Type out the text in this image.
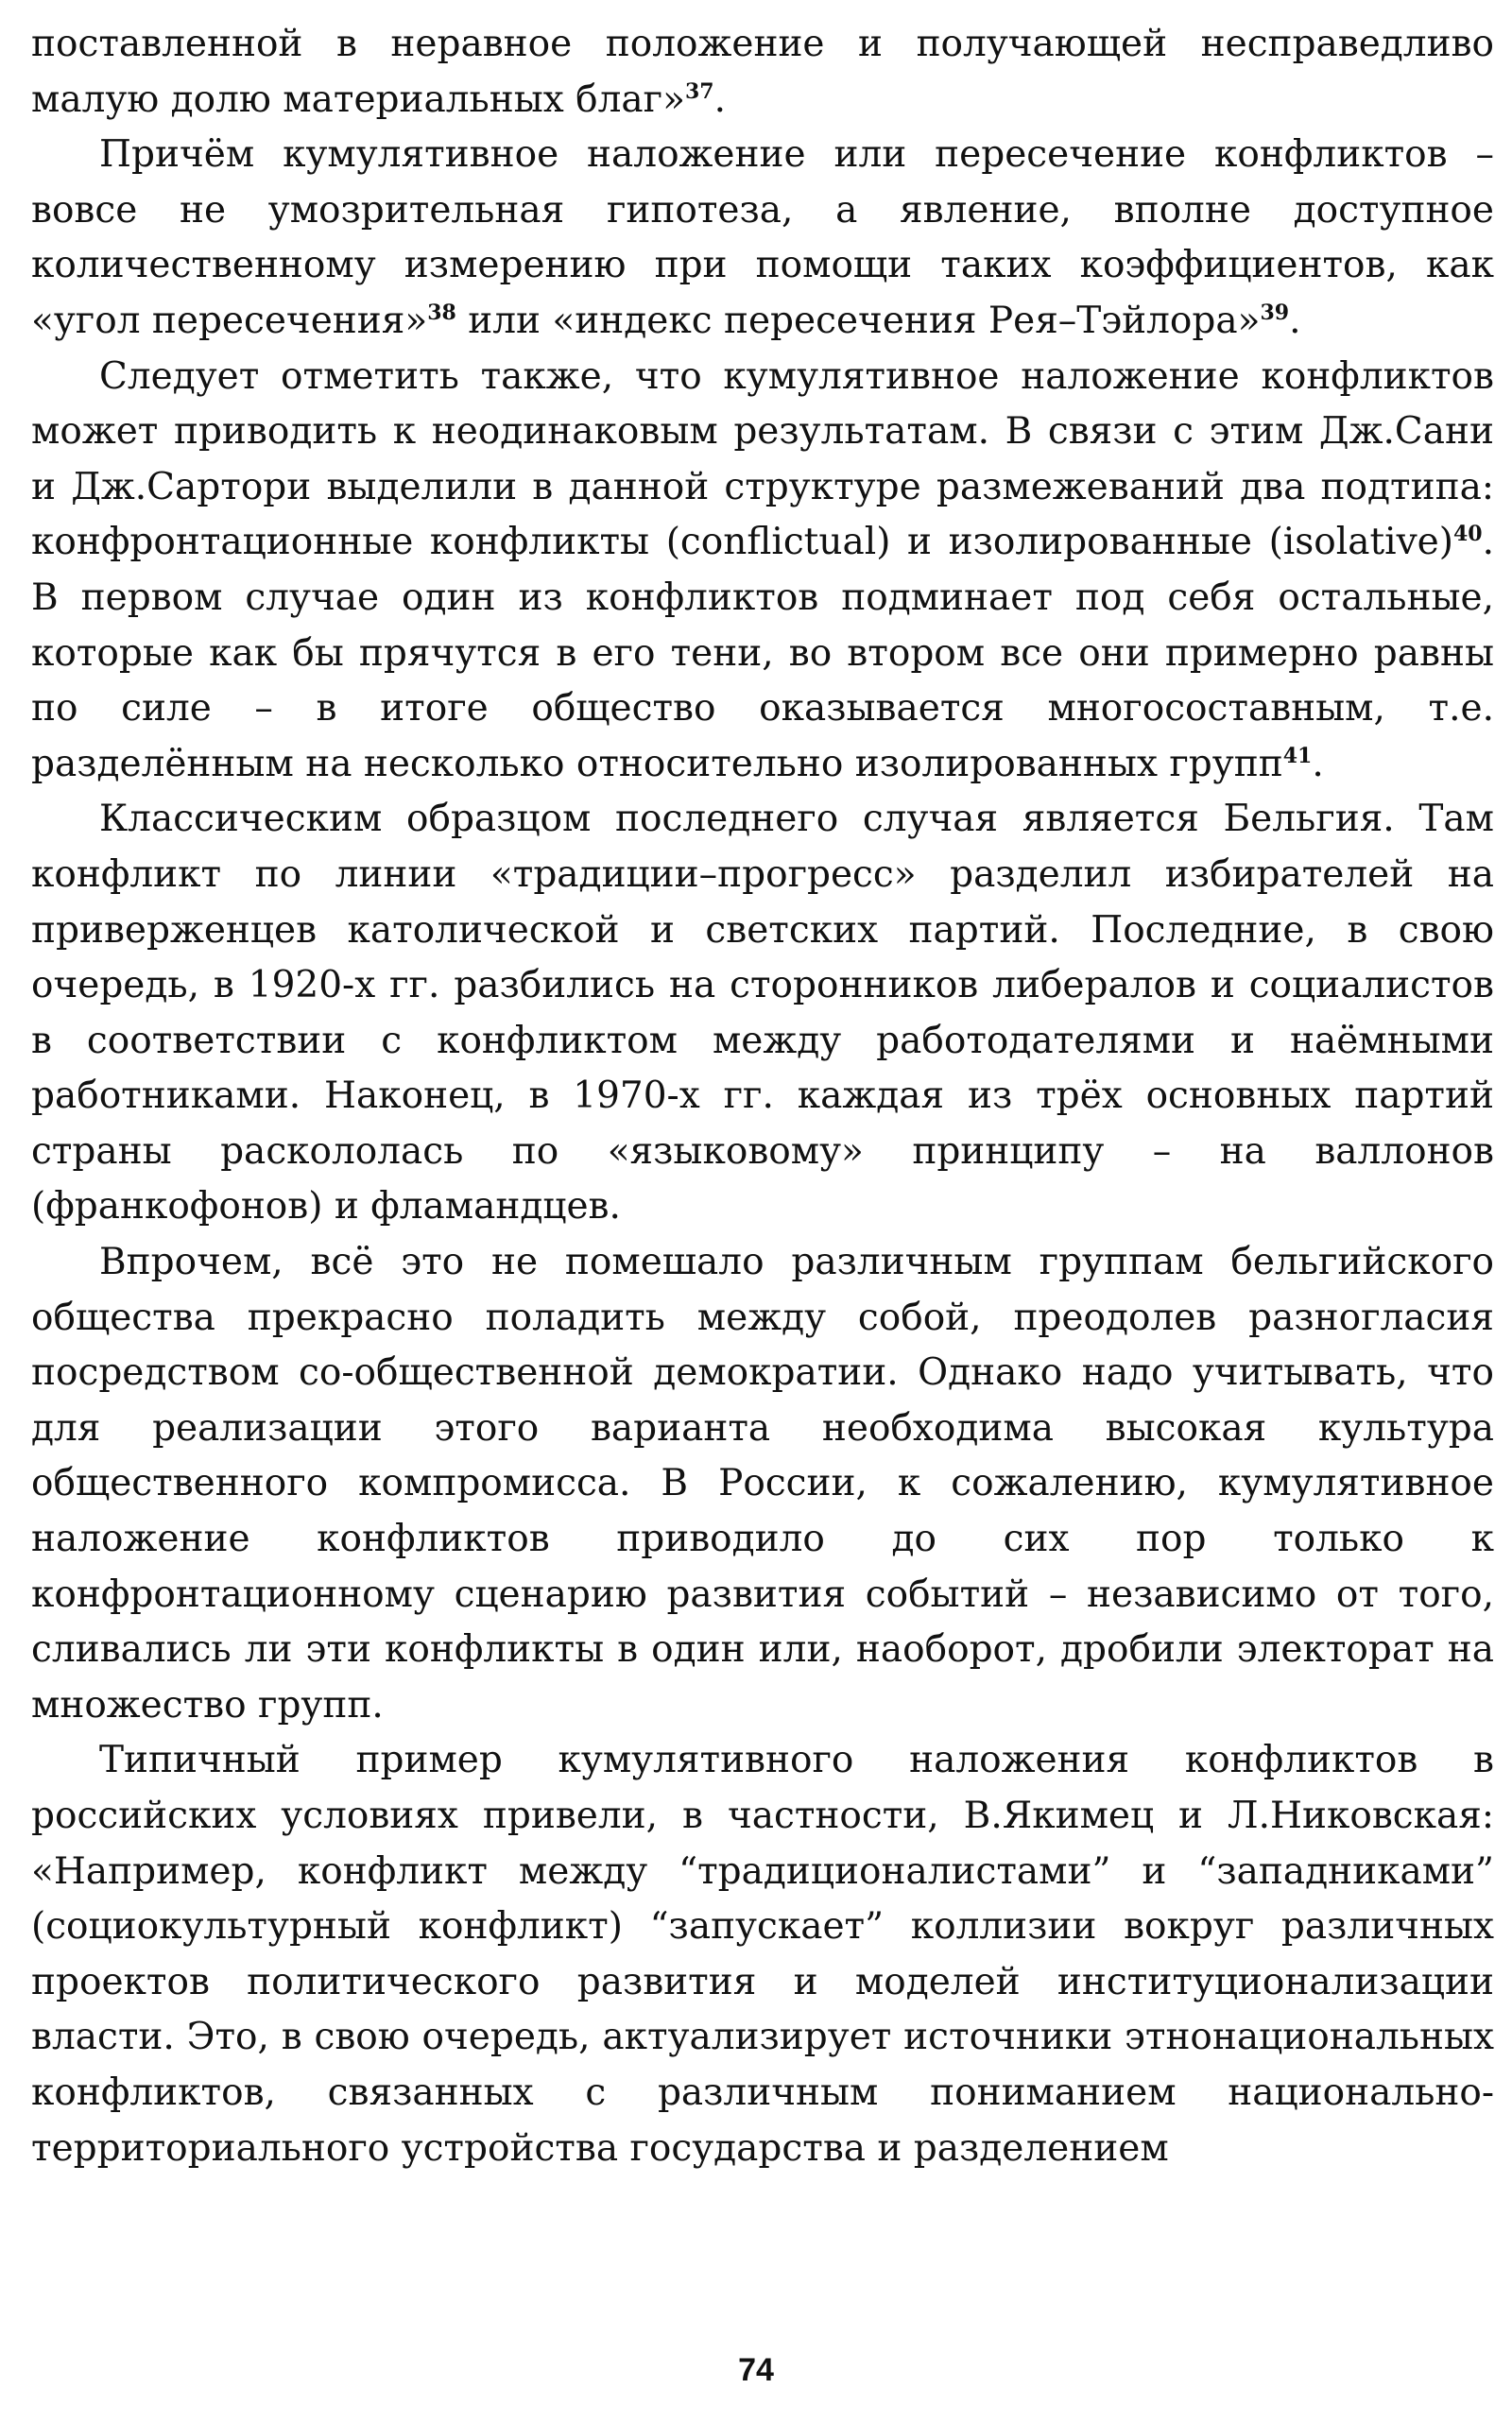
поставленной в неравное положение и получающей несправедливо малую долю материальных благ»$^{37}$.

Причём кумулятивное наложение или пересечение конфликтов – вовсе не умозрительная гипотеза, а явление, вполне доступное количественному измерению при помощи таких коэффициентов, как «угол пересечения»$^{38}$ или «индекс пересечения Рея–Тэйлора»$^{39}$.

Следует отметить также, что кумулятивное наложение конфликтов может приводить к неодинаковым результатам. В связи с этим Дж.Сани и Дж.Сартори выделили в данной структуре размежеваний два подтипа: конфронтационные конфликты (conflictual) и изолированные (isolative)$^{40}$. В первом случае один из конфликтов подминает под себя остальные, которые как бы прячутся в его тени, во втором все они примерно равны по силе – в итоге общество оказывается многосоставным, т.е. разделённым на несколько относительно изолированных групп$^{41}$.

Классическим образцом последнего случая является Бельгия. Там конфликт по линии «традиции–прогресс» разделил избирателей на приверженцев католической и светских партий. Последние, в свою очередь, в 1920-х гг. разбились на сторонников либералов и социалистов в соответствии с конфликтом между работодателями и наёмными работниками. Наконец, в 1970-х гг. каждая из трёх основных партий страны раскололась по «языковому» принципу – на валлонов (франкофонов) и фламандцев.

Впрочем, всё это не помешало различным группам бельгийского общества прекрасно поладить между собой, преодолев разногласия посредством со-общественной демократии. Однако надо учитывать, что для реализации этого варианта необходима высокая культура общественного компромисса. В России, к сожалению, кумулятивное наложение конфликтов приводило до сих пор только к конфронтационному сценарию развития событий – независимо от того, сливались ли эти конфликты в один или, наоборот, дробили электорат на множество групп.

Типичный пример кумулятивного наложения конфликтов в российских условиях привели, в частности, В.Якимец и Л.Никовская: «Например, конфликт между “традиционалистами” и “западниками” (социокультурный конфликт) “запускает” коллизии вокруг различных проектов политического развития и моделей институционализации власти. Это, в свою очередь, актуализирует источники этнонациональных конфликтов, связанных с различным пониманием национально-территориального устройства государства и разделением

74
